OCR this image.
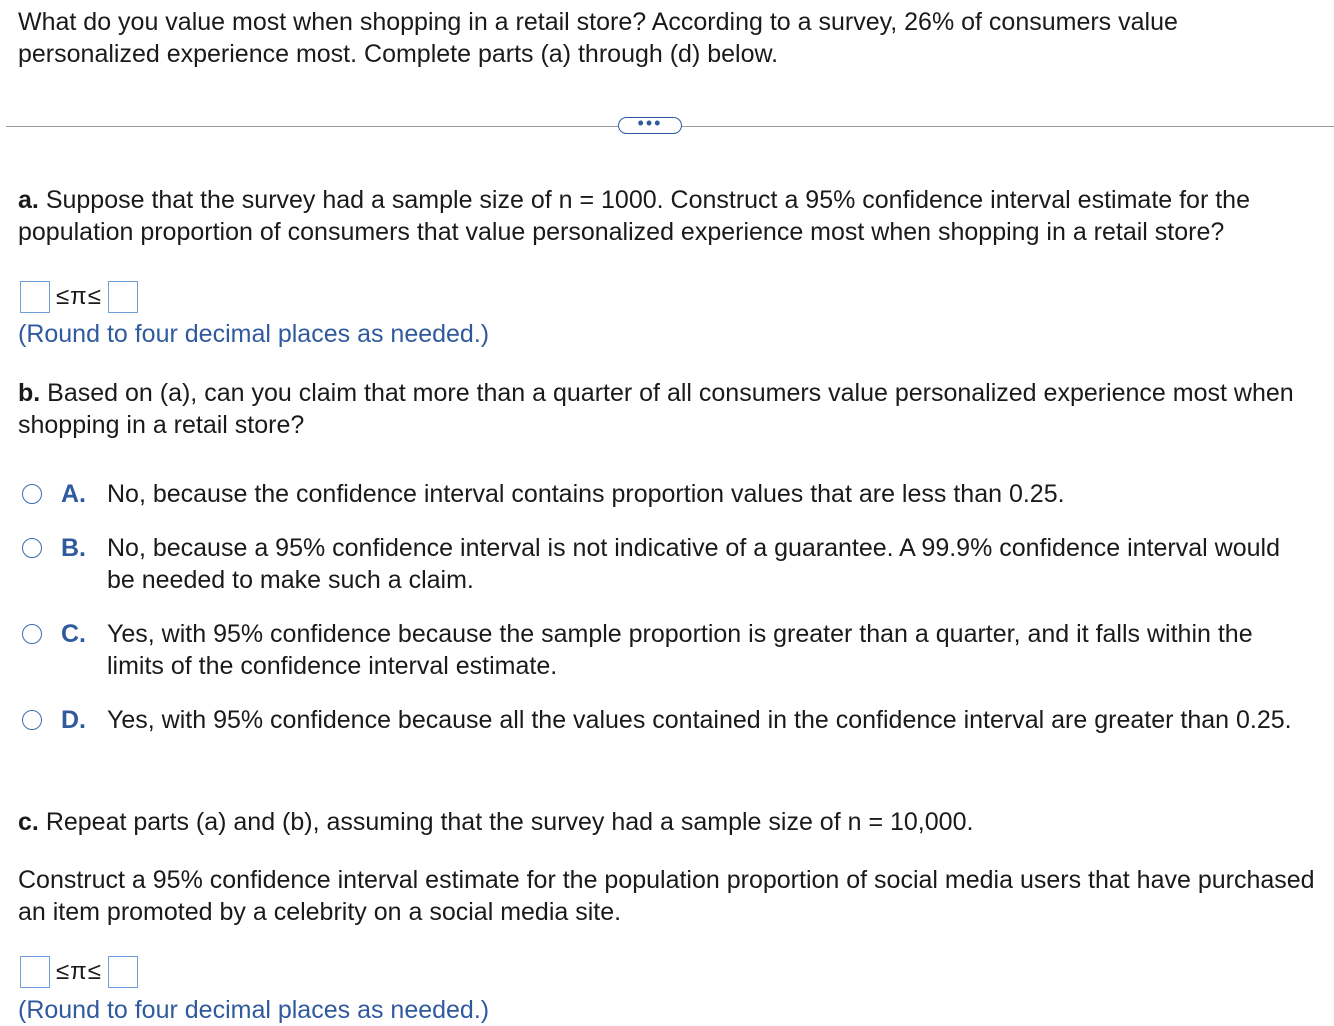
What do you value most when shopping in a retail store? According to a survey, 26% of consumers value personalized experience most. Complete parts (a) through (d) below.

•••

a. Suppose that the survey had a sample size of n = 1000. Construct a 95% confidence interval estimate for the population proportion of consumers that value personalized experience most when shopping in a retail store?

≤π≤
(Round to four decimal places as needed.)

b. Based on (a), can you claim that more than a quarter of all consumers value personalized experience most when shopping in a retail store?

A. No, because the confidence interval contains proportion values that are less than 0.25.
B. No, because a 95% confidence interval is not indicative of a guarantee. A 99.9% confidence interval would be needed to make such a claim.
C. Yes, with 95% confidence because the sample proportion is greater than a quarter, and it falls within the limits of the confidence interval estimate.
D. Yes, with 95% confidence because all the values contained in the confidence interval are greater than 0.25.

c. Repeat parts (a) and (b), assuming that the survey had a sample size of n = 10,000.

Construct a 95% confidence interval estimate for the population proportion of social media users that have purchased an item promoted by a celebrity on a social media site.

≤π≤
(Round to four decimal places as needed.)
